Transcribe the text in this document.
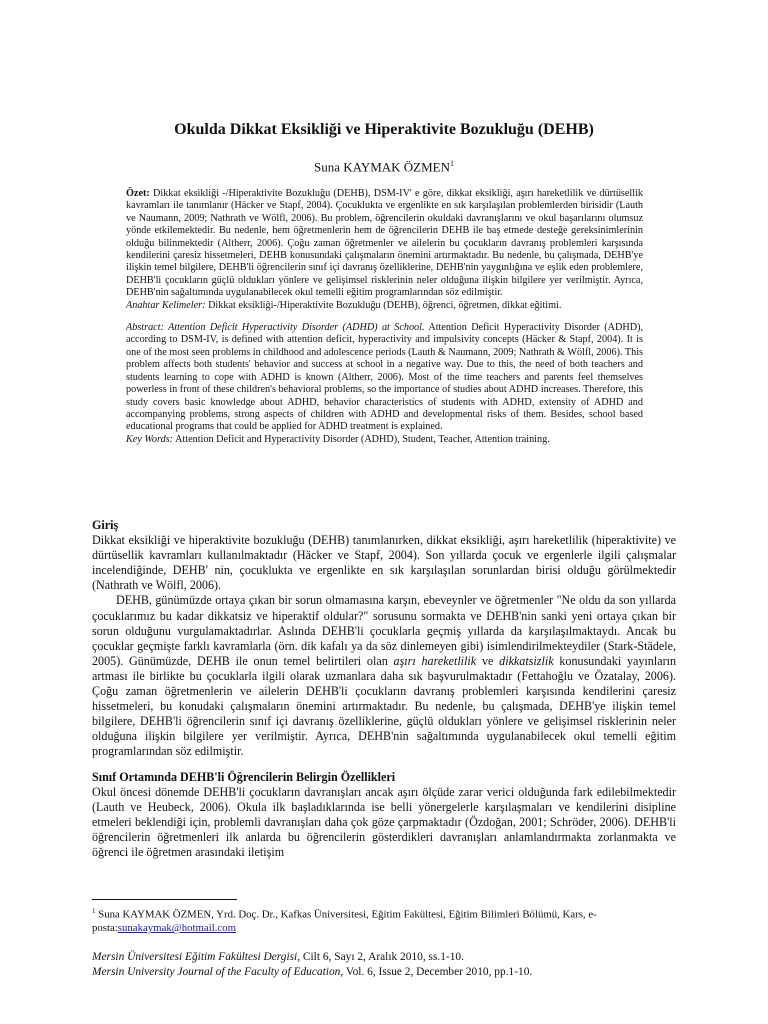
Okulda Dikkat Eksikliği ve Hiperaktivite Bozukluğu (DEHB)
Suna KAYMAK ÖZMEN$^1$

Özet: Dikkat eksikliği -/Hiperaktivite Bozukluğu (DEHB), DSM-IV' e göre, dikkat eksikliği, aşırı hareketlilik ve dürtüsellik kavramları ile tanımlanır (Häcker ve Stapf, 2004). Çocuklukta ve ergenlikte en sık karşılaşılan problemlerden birisidir (Lauth ve Naumann, 2009; Nathrath ve Wölfl, 2006). Bu problem, öğrencilerin okuldaki davranışlarını ve okul başarılarını olumsuz yönde etkilemektedir. Bu nedenle, hem öğretmenlerin hem de öğrencilerin DEHB ile baş etmede desteğe gereksinimlerinin olduğu bilinmektedir (Altherr, 2006). Çoğu zaman öğretmenler ve ailelerin bu çocukların davranış problemleri karşısında kendilerini çaresiz hissetmeleri, DEHB konusundaki çalışmaların önemini artırmaktadır. Bu nedenle, bu çalışmada, DEHB'ye ilişkin temel bilgilere, DEHB'li öğrencilerin sınıf içi davranış özelliklerine, DEHB'nin yaygınlığına ve eşlik eden problemlere, DEHB'li çocukların güçlü oldukları yönlere ve gelişimsel risklerinin neler olduğuna ilişkin bilgilere yer verilmiştir. Ayrıca, DEHB'nin sağaltımında uygulanabilecek okul temelli eğitim programlarından söz edilmiştir.

Anahtar Kelimeler: Dikkat eksikliği-/Hiperaktivite Bozukluğu (DEHB), öğrenci, öğretmen, dikkat eğitimi.

Abstract: Attention Deficit Hyperactivity Disorder (ADHD) at School. Attention Deficit Hyperactivity Disorder (ADHD), according to DSM-IV, is defined with attention deficit, hyperactivity and impulsivity concepts (Häcker & Stapf, 2004). It is one of the most seen problems in childhood and adolescence periods (Lauth & Naumann, 2009; Nathrath & Wölfl, 2006). This problem affects both students' behavior and success at school in a negative way. Due to this, the need of both teachers and students learning to cope with ADHD is known (Altherr, 2006). Most of the time teachers and parents feel themselves powerless in front of these children's behavioral problems, so the importance of studies about ADHD increases. Therefore, this study covers basic knowledge about ADHD, behavior characteristics of students with ADHD, extensity of ADHD and accompanying problems, strong aspects of children with ADHD and developmental risks of them. Besides, school based educational programs that could be applied for ADHD treatment is explained.

Key Words: Attention Deficit and Hyperactivity Disorder (ADHD), Student, Teacher, Attention training.

Giriş

Dikkat eksikliği ve hiperaktivite bozukluğu (DEHB) tanımlanırken, dikkat eksikliği, aşırı hareketlilik (hiperaktivite) ve dürtüsellik kavramları kullanılmaktadır (Häcker ve Stapf, 2004). Son yıllarda çocuk ve ergenlerle ilgili çalışmalar incelendiğinde, DEHB' nin, çocuklukta ve ergenlikte en sık karşılaşılan sorunlardan birisi olduğu görülmektedir (Nathrath ve Wölfl, 2006).

DEHB, günümüzde ortaya çıkan bir sorun olmamasına karşın, ebeveynler ve öğretmenler "Ne oldu da son yıllarda çocuklarımız bu kadar dikkatsiz ve hiperaktif oldular?" sorusunu sormakta ve DEHB'nin sanki yeni ortaya çıkan bir sorun olduğunu vurgulamaktadırlar. Aslında DEHB'li çocuklarla geçmiş yıllarda da karşılaşılmaktaydı. Ancak bu çocuklar geçmişte farklı kavramlarla (örn. dik kafalı ya da söz dinlemeyen gibi) isimlendirilmekteydiler (Stark-Städele, 2005). Günümüzde, DEHB ile onun temel belirtileri olan aşırı hareketlilik ve dikkatsizlik konusundaki yayınların artması ile birlikte bu çocuklarla ilgili olarak uzmanlara daha sık başvurulmaktadır (Fettahoğlu ve Özatalay, 2006). Çoğu zaman öğretmenlerin ve ailelerin DEHB'li çocukların davranış problemleri karşısında kendilerini çaresiz hissetmeleri, bu konudaki çalışmaların önemini artırmaktadır. Bu nedenle, bu çalışmada, DEHB'ye ilişkin temel bilgilere, DEHB'li öğrencilerin sınıf içi davranış özelliklerine, güçlü oldukları yönlere ve gelişimsel risklerinin neler olduğuna ilişkin bilgilere yer verilmiştir. Ayrıca, DEHB'nin sağaltımında uygulanabilecek okul temelli eğitim programlarından söz edilmiştir.

Sınıf Ortamında DEHB'li Öğrencilerin Belirgin Özellikleri

Okul öncesi dönemde DEHB'li çocukların davranışları ancak aşırı ölçüde zarar verici olduğunda fark edilebilmektedir (Lauth ve Heubeck, 2006). Okula ilk başladıklarında ise belli yönergelerle karşılaşmaları ve kendilerini disipline etmeleri beklendiği için, problemli davranışları daha çok göze çarpmaktadır (Özdoğan, 2001; Schröder, 2006). DEHB'li öğrencilerin öğretmenleri ilk anlarda bu öğrencilerin gösterdikleri davranışları anlamlandırmakta zorlanmakta ve öğrenci ile öğretmen arasındaki iletişim

$^1$ Suna KAYMAK ÖZMEN, Yrd. Doç. Dr., Kafkas Üniversitesi, Eğitim Fakültesi, Eğitim Bilimleri Bölümü, Kars, e-posta:sunakaymak@hotmail.com
Mersin Üniversitesi Eğitim Fakültesi Dergisi, Cilt 6, Sayı 2, Aralık 2010, ss.1-10.
Mersin University Journal of the Faculty of Education, Vol. 6, Issue 2, December 2010, pp.1-10.
